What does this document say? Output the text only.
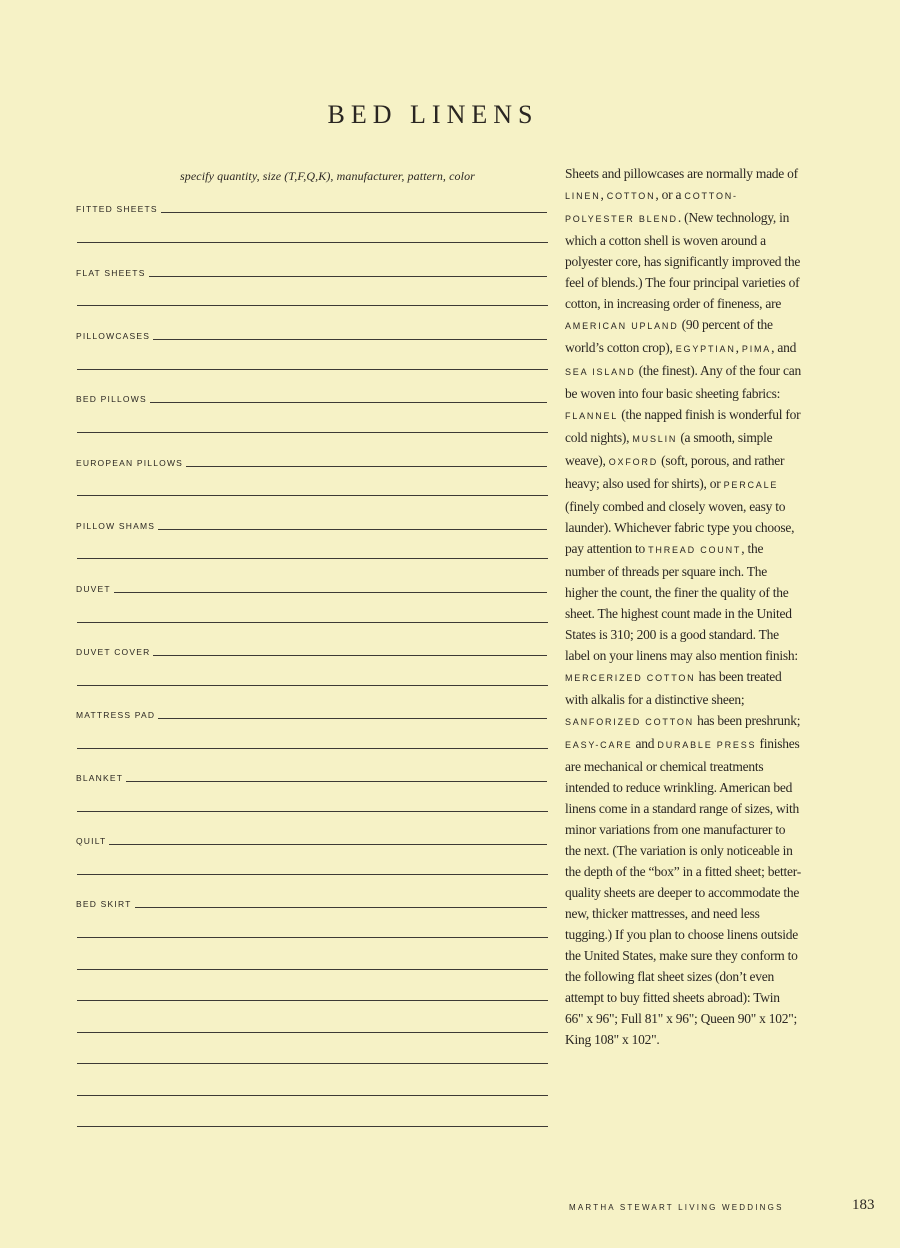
BED LINENS
specify quantity, size (T,F,Q,K), manufacturer, pattern, color
FITTED SHEETS
FLAT SHEETS
PILLOWCASES
BED PILLOWS
EUROPEAN PILLOWS
PILLOW SHAMS
DUVET
DUVET COVER
MATTRESS PAD
BLANKET
QUILT
BED SKIRT

Sheets and pillowcases are normally made of LINEN, COTTON, or a COTTON-POLYESTER BLEND. (New technology, in which a cotton shell is woven around a polyester core, has significantly improved the feel of blends.) The four principal varieties of cotton, in increasing order of fineness, are AMERICAN UPLAND (90 percent of the world’s cotton crop), EGYPTIAN, PIMA, and SEA ISLAND (the finest). Any of the four can be woven into four basic sheeting fabrics: FLANNEL (the napped finish is wonderful for cold nights), MUSLIN (a smooth, simple weave), OXFORD (soft, porous, and rather heavy; also used for shirts), or PERCALE (finely combed and closely woven, easy to launder). Whichever fabric type you choose, pay attention to THREAD COUNT, the number of threads per square inch. The higher the count, the finer the quality of the sheet. The highest count made in the United States is 310; 200 is a good standard. The label on your linens may also mention finish: MERCERIZED COTTON has been treated with alkalis for a distinctive sheen; SANFORIZED COTTON has been preshrunk; EASY-CARE and DURABLE PRESS finishes are mechanical or chemical treatments intended to reduce wrinkling. American bed linens come in a standard range of sizes, with minor variations from one manufacturer to the next. (The variation is only noticeable in the depth of the “box” in a fitted sheet; better-quality sheets are deeper to accommodate the new, thicker mattresses, and need less tugging.) If you plan to choose linens outside the United States, make sure they conform to the following flat sheet sizes (don’t even attempt to buy fitted sheets abroad): Twin 66" x 96"; Full 81" x 96"; Queen 90" x 102"; King 108" x 102".

MARTHA STEWART LIVING WEDDINGS	183
